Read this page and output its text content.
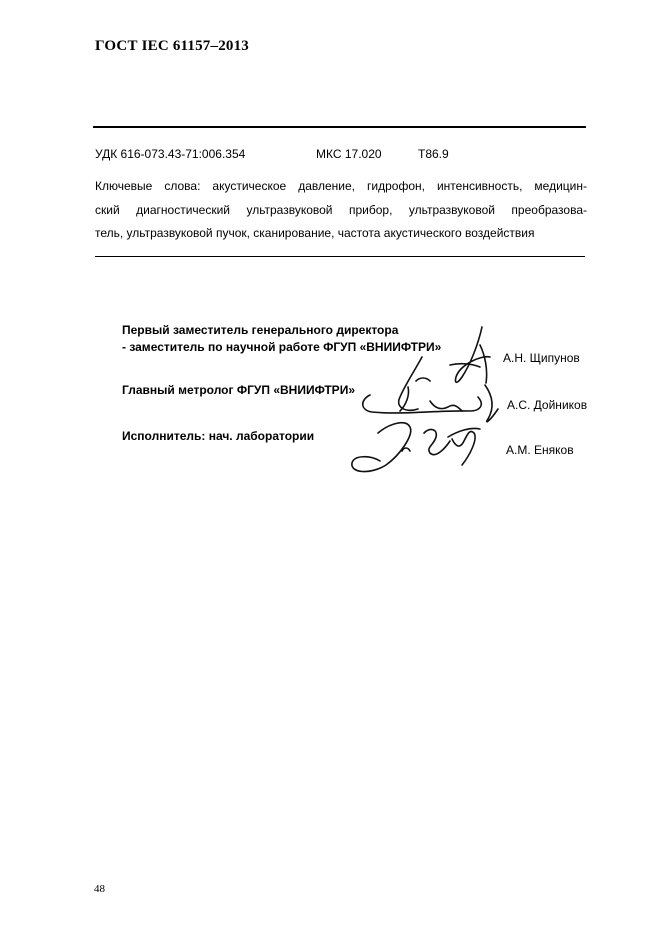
ГОСТ IEC 61157–2013
УДК 616-073.43-71:006.354	МКС 17.020	Т86.9
Ключевые слова: акустическое давление, гидрофон, интенсивность, медицин-
ский диагностический ультразвуковой прибор, ультразвуковой преобразова-
тель, ультразвуковой пучок, сканирование, частота акустического воздействия
Первый заместитель генерального директора
- заместитель по научной работе ФГУП «ВНИИФТРИ»
А.Н. Щипунов
Главный метролог ФГУП «ВНИИФТРИ»
А.С. Дойников
Исполнитель: нач. лаборатории
А.М. Еняков
48
